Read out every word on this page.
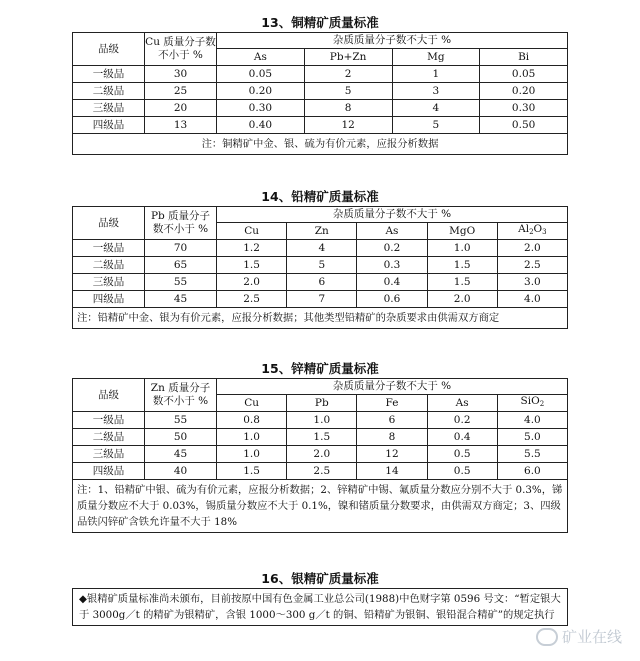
13、铜精矿质量标准
品级	Cu 质量分子数
不小于 %	杂质质量分子数不大于 %			
		As	Pb+Zn	Mg	Bi
一级品	30	0.05	2	1	0.05
二级品	25	0.20	5	3	0.20
三级品	20	0.30	8	4	0.30
四级品	13	0.40	12	5	0.50
注：铜精矿中金、银、硫为有价元素，应报分析数据					
14、铅精矿质量标准
品级	Pb 质量分子
数不小于 %	杂质质量分子数不大于 %				
		Cu	Zn	As	MgO	$Al_2O_3$
一级品	70	1.2	4	0.2	1.0	2.0
二级品	65	1.5	5	0.3	1.5	2.5
三级品	55	2.0	6	0.4	1.5	3.0
四级品	45	2.5	7	0.6	2.0	4.0
注：铅精矿中金、银为有价元素，应报分析数据；其他类型铅精矿的杂质要求由供需双方商定						
15、锌精矿质量标准
品级	Zn 质量分子
数不小于 %	杂质质量分子数不大于 %				
		Cu	Pb	Fe	As	SiO$_2$
一级品	55	0.8	1.0	6	0.2	4.0
二级品	50	1.0	1.5	8	0.4	5.0
三级品	45	1.0	2.0	12	0.5	5.5
四级品	40	1.5	2.5	14	0.5	6.0
注：1、铅精矿中银、硫为有价元素，应报分析数据；2、锌精矿中锡、氟质量分数应分别不大于 0.3%，锑质量分数应不大于 0.03%，锡质量分数应不大于 0.1%，镍和锗质量分数要求，由供需双方商定；3、四级品铁闪锌矿含铁允许量不大于 18%						
16、银精矿质量标准
◆银精矿质量标准尚未颁布，目前按原中国有色金属工业总公司(1988)中色财字第 0596 号文：“暂定银大于 3000g／t 的精矿为银精矿，含银 1000～300 g／t 的铜、铅精矿为银铜、银铅混合精矿”的规定执行
矿业在线
